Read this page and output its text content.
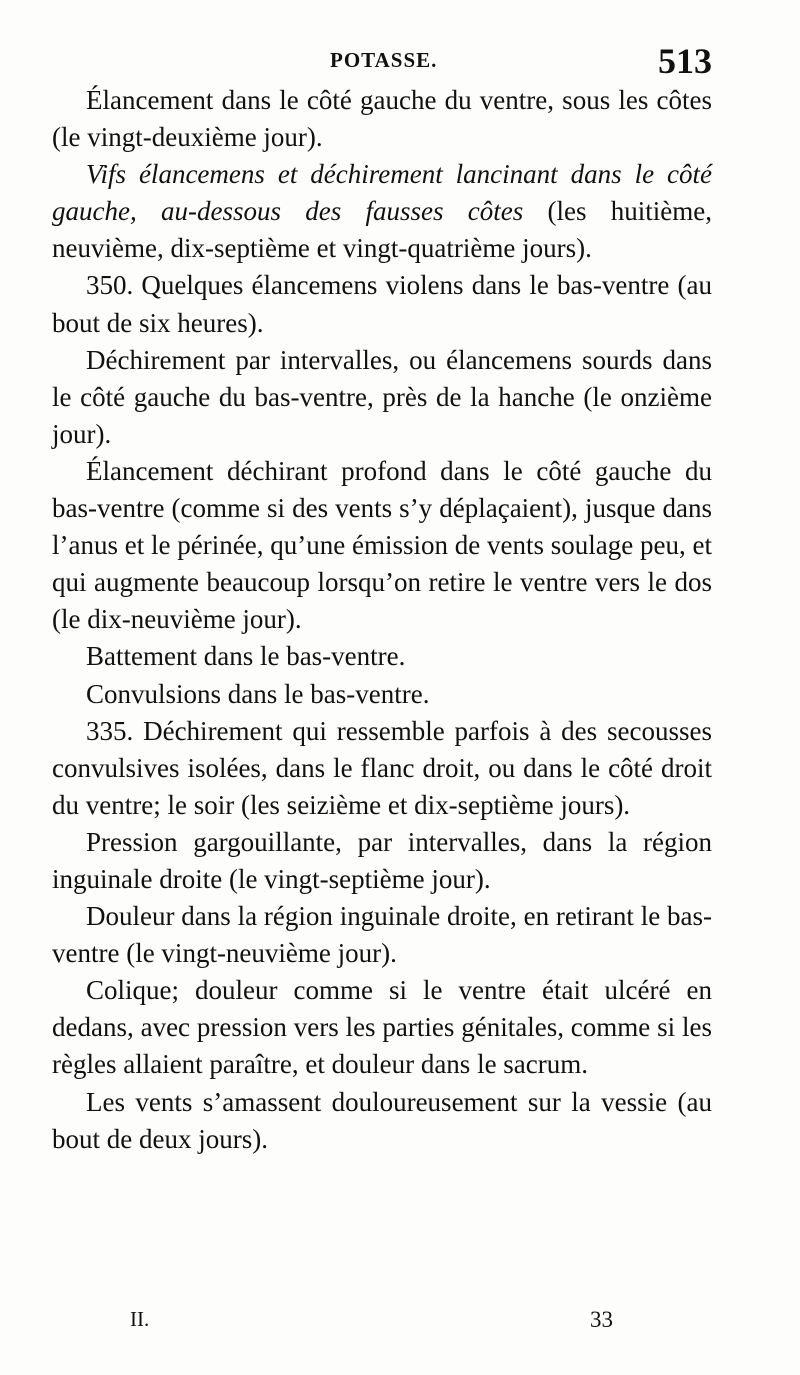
POTASSE.	513

Élancement dans le côté gauche du ventre, sous les côtes (le vingt-deuxième jour).

Vifs élancemens et déchirement lancinant dans le côté gauche, au-dessous des fausses côtes (les huitième, neuvième, dix-septième et vingt-quatrième jours).

350. Quelques élancemens violens dans le bas-ventre (au bout de six heures).

Déchirement par intervalles, ou élancemens sourds dans le côté gauche du bas-ventre, près de la hanche (le onzième jour).

Élancement déchirant profond dans le côté gauche du bas-ventre (comme si des vents s’y déplaçaient), jusque dans l’anus et le périnée, qu’une émission de vents soulage peu, et qui augmente beaucoup lorsqu’on retire le ventre vers le dos (le dix-neuvième jour).

Battement dans le bas-ventre.

Convulsions dans le bas-ventre.

335. Déchirement qui ressemble parfois à des secousses convulsives isolées, dans le flanc droit, ou dans le côté droit du ventre; le soir (les seizième et dix-septième jours).

Pression gargouillante, par intervalles, dans la région inguinale droite (le vingt-septième jour).

Douleur dans la région inguinale droite, en retirant le bas-ventre (le vingt-neuvième jour).

Colique; douleur comme si le ventre était ulcéré en dedans, avec pression vers les parties génitales, comme si les règles allaient paraître, et douleur dans le sacrum.

Les vents s’amassent douloureusement sur la vessie (au bout de deux jours).

II.	33
